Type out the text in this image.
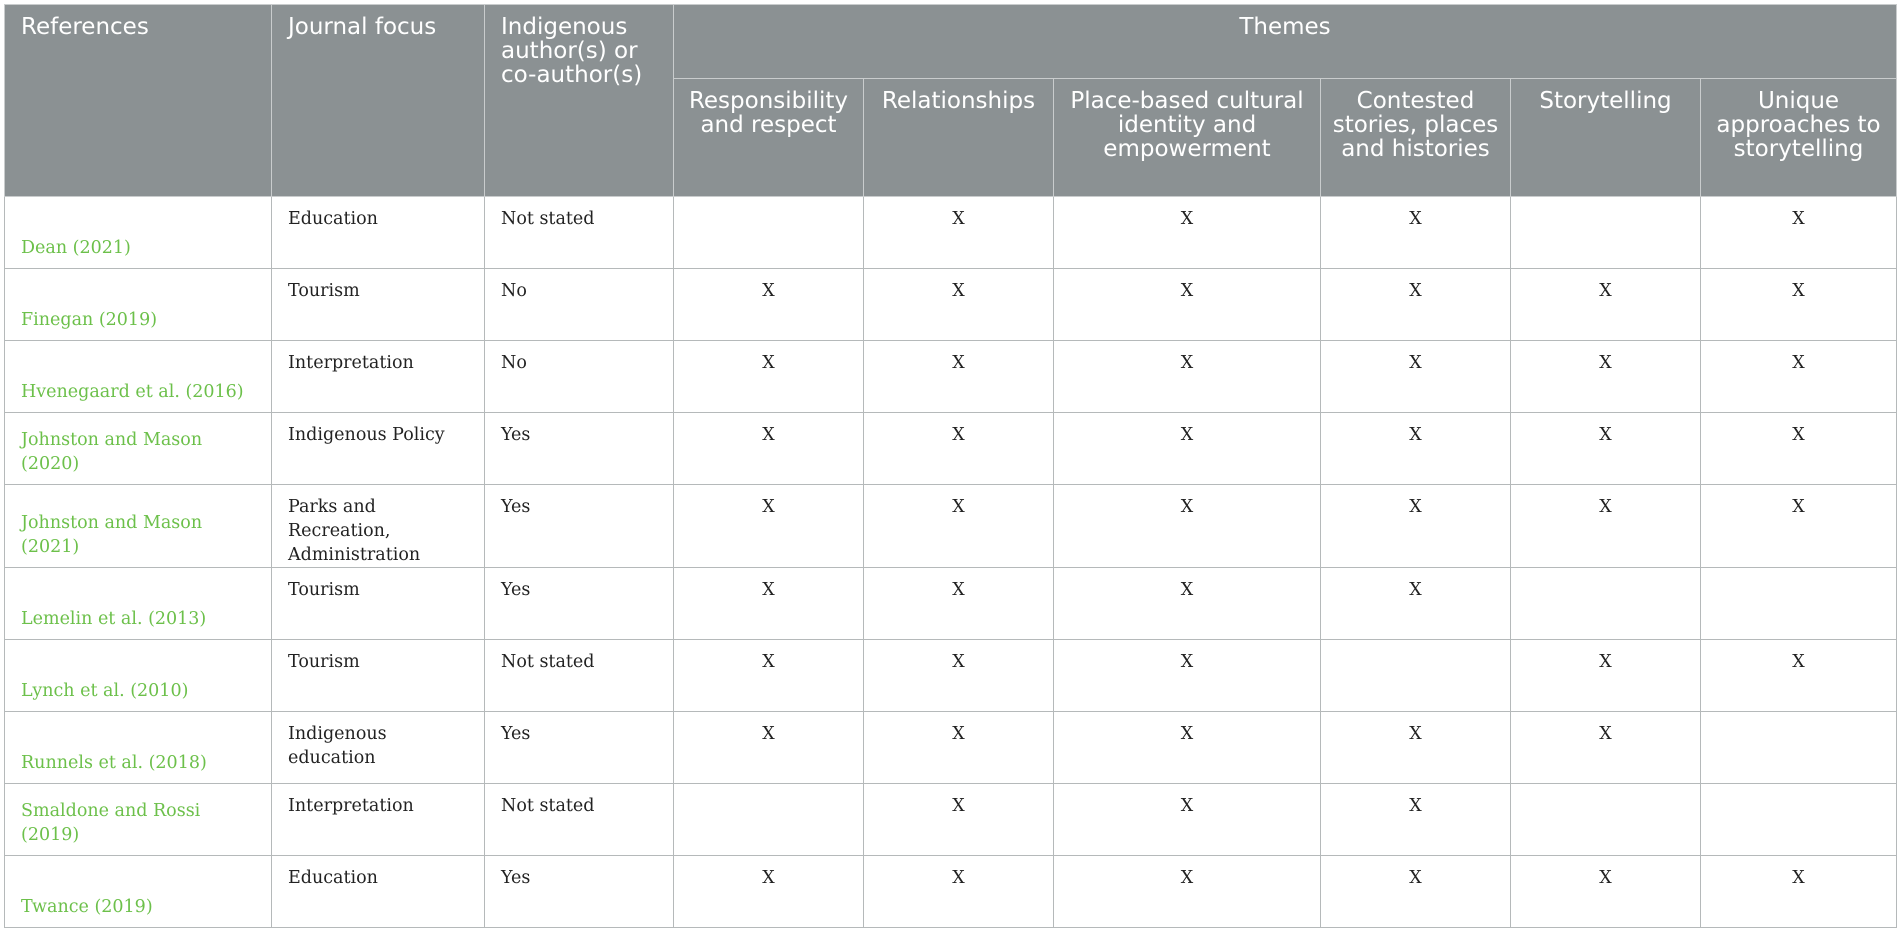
References	Journal focus	Indigenous author(s) or co-author(s)	Themes					
			Responsibility and respect	Relationships	Place-based cultural identity and empowerment	Contested stories, places and histories	Storytelling	Unique approaches to storytelling
Dean (2021)	Education	Not stated		X	X	X		X
Finegan (2019)	Tourism	No	X	X	X	X	X	X
Hvenegaard et al. (2016)	Interpretation	No	X	X	X	X	X	X
Johnston and Mason (2020)	Indigenous Policy	Yes	X	X	X	X	X	X
Johnston and Mason (2021)	Parks and Recreation, Administration	Yes	X	X	X	X	X	X
Lemelin et al. (2013)	Tourism	Yes	X	X	X	X		
Lynch et al. (2010)	Tourism	Not stated	X	X	X		X	X
Runnels et al. (2018)	Indigenous education	Yes	X	X	X	X	X	
Smaldone and Rossi (2019)	Interpretation	Not stated		X	X	X		
Twance (2019)	Education	Yes	X	X	X	X	X	X
